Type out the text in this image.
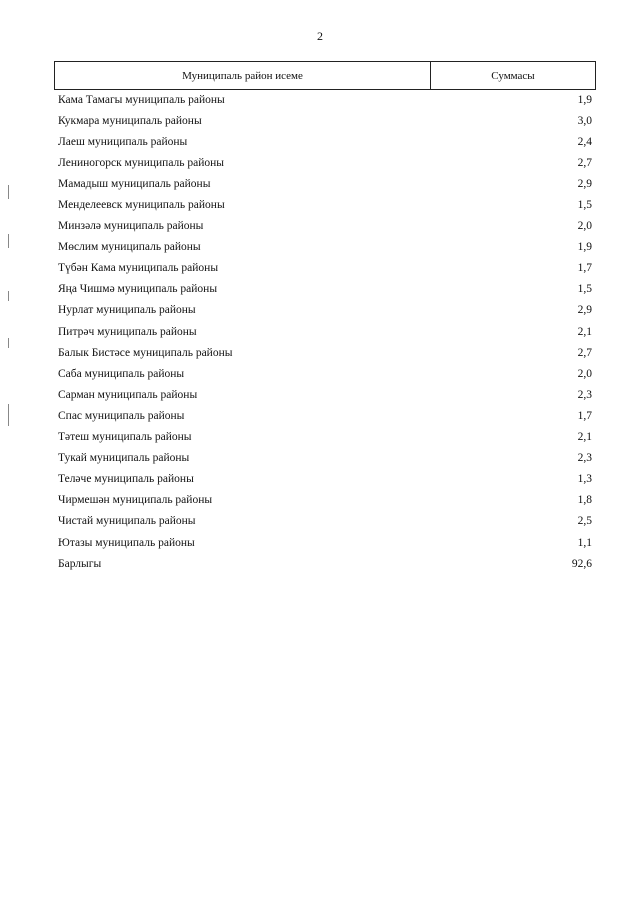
2
Муниципаль район исеме	Суммасы
Кама Тамагы муниципаль районы	1,9
Кукмара муниципаль районы	3,0
Лаеш муниципаль районы	2,4
Лениногорск муниципаль районы	2,7
Мамадыш муниципаль районы	2,9
Менделеевск муниципаль районы	1,5
Минзәлә муниципаль районы	2,0
Мөслим муниципаль районы	1,9
Түбән Кама муниципаль районы	1,7
Яңа Чишмә муниципаль районы	1,5
Нурлат муниципаль районы	2,9
Питрәч муниципаль районы	2,1
Балык Бистәсе муниципаль районы	2,7
Саба муниципаль районы	2,0
Сарман муниципаль районы	2,3
Спас муниципаль районы	1,7
Тәтеш муниципаль районы	2,1
Тукай муниципаль районы	2,3
Теләче муниципаль районы	1,3
Чирмешән муниципаль районы	1,8
Чистай муниципаль районы	2,5
Ютазы муниципаль районы	1,1
Барлыгы	92,6
